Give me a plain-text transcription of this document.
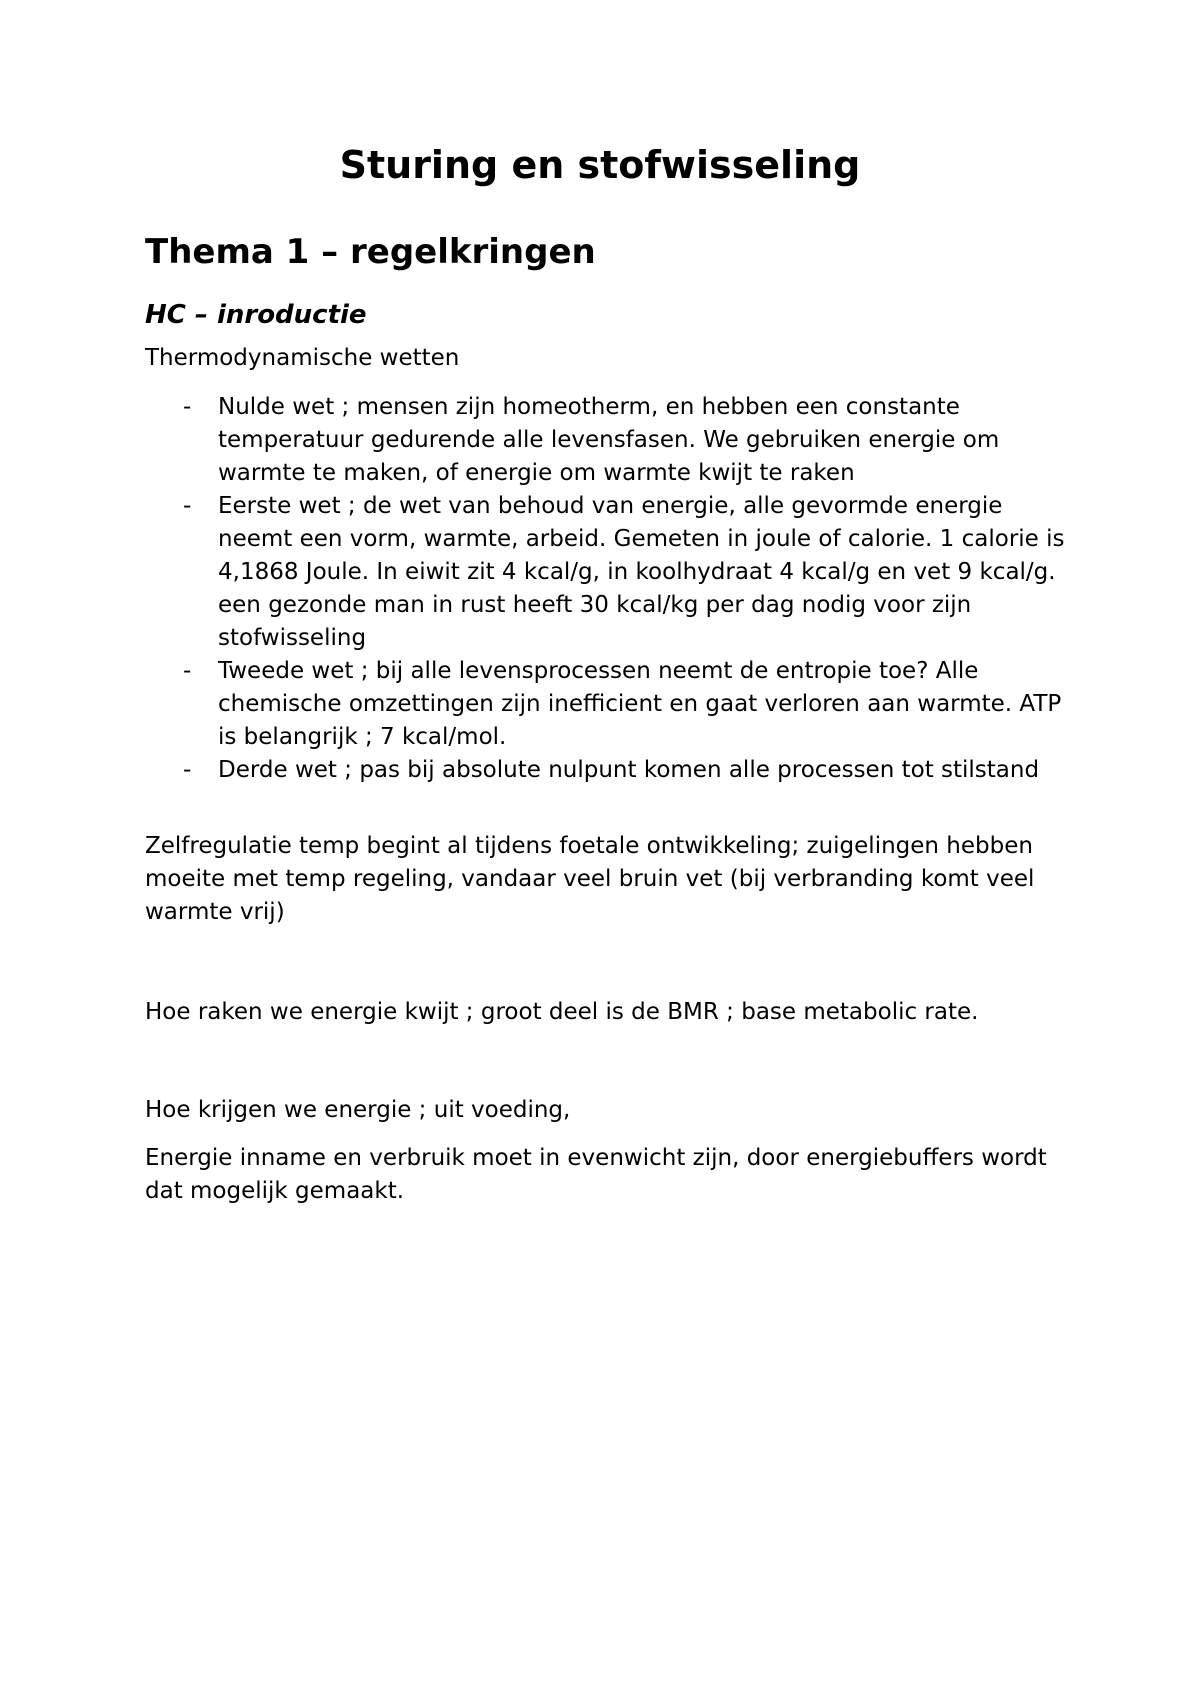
Sturing en stofwisseling
Thema 1 – regelkringen
HC – inroductie

Thermodynamische wetten

- Nulde wet ; mensen zijn homeotherm, en hebben een constante temperatuur gedurende alle levensfasen. We gebruiken energie om warmte te maken, of energie om warmte kwijt te raken
- Eerste wet ; de wet van behoud van energie, alle gevormde energie neemt een vorm, warmte, arbeid. Gemeten in joule of calorie. 1 calorie is 4,1868 Joule. In eiwit zit 4 kcal/g, in koolhydraat 4 kcal/g en vet 9 kcal/g. een gezonde man in rust heeft 30 kcal/kg per dag nodig voor zijn stofwisseling
- Tweede wet ; bij alle levensprocessen neemt de entropie toe? Alle chemische omzettingen zijn inefficient en gaat verloren aan warmte. ATP is belangrijk ; 7 kcal/mol.
- Derde wet ; pas bij absolute nulpunt komen alle processen tot stilstand

Zelfregulatie temp begint al tijdens foetale ontwikkeling; zuigelingen hebben moeite met temp regeling, vandaar veel bruin vet (bij verbranding komt veel warmte vrij)

Hoe raken we energie kwijt ; groot deel is de BMR ; base metabolic rate.

Hoe krijgen we energie ; uit voeding,

Energie inname en verbruik moet in evenwicht zijn, door energiebuffers wordt dat mogelijk gemaakt.
